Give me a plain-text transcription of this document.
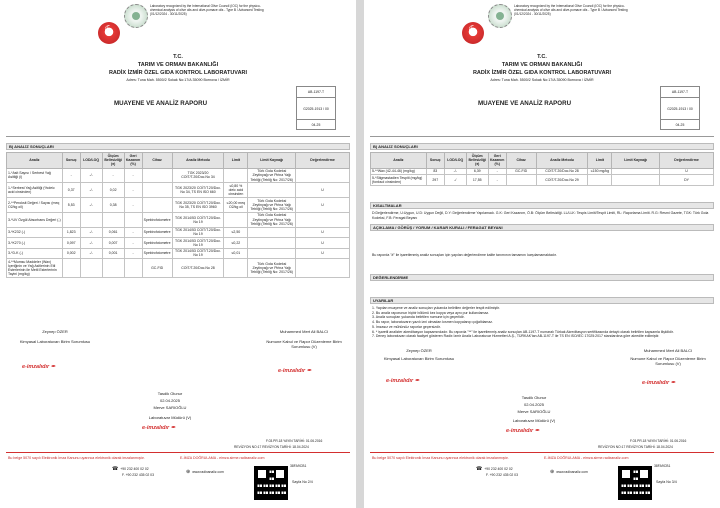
☾
Laboratory recognized by the International Olive Council (IOC) for the physico-chemical analysis of olive oils and olive-pomace oils - Type B / Advanced Testing (01/12/2024 - 30/11/2025)
T.C.
TARIM VE ORMAN BAKANLIĞI
RADİX İZMİR ÖZEL GIDA KONTROL LABORATUVARI
Adres: Tuna Mah. 5500/2 Sokak No:17/A 35090 Bornova / İZMİR
MUAYENE VE ANALİZ RAPORU
AB-1197-T
G2025-1913 / 00
04-25
B) ANALİZ SONUÇLARI
Analiz	Sonuç	LOD/LOQ	Ölçüm Belirsizliği (±)	Geri Kazanım (%)	Cihaz	Analiz Metodu	Limit	Limit Kaynağı	Değerlendirme
1-*Asit Sayısı / Serbest Yağ Asitliği (i)	-	-/-	-	-		TGK 2023/20 COİT/T.20/Doc.No 34		Türk Gıda Kodeksi Zeytinyağı ve Pirina Yağı Tebliği (Tebliğ No: 2017/26)	
1-*Serbest Yağ Asitliği (%oleic acid cinsinden)	0,37	-/-	0,02	-		TGK 2023/20 COİT/T.20/Doc. No 34, TS EN ISO 660	≤0,80 % oleic acid cinsinden		U
2-**Peroksit Değeri / Sayısı (meq O2/kg oil)	5,53	-/-	0,38	-		TGK 2023/20 COİT/T.20/Doc. No 35, TS EN ISO 3960	≤20,00 meq O2/kg oil	Türk Gıda Kodeksi Zeytinyağı ve Pirina Yağı Tebliği (Tebliğ No: 2017/26)	U
3-*UV Özgül Absorbans Değeri (-)					Spektrofotometre	TGK 2014/53 COİT/T.20/Doc. No 19		Türk Gıda Kodeksi Zeytinyağı ve Pirina Yağı Tebliği (Tebliğ No: 2017/26)	
3-*K232 (-)	1,823	-/-	0,061	-	Spektrofotometre	TGK 2014/53 COİT/T.20/Doc. No 19	≤2,50		U
3-*K270 (-)	0,097	-/-	0,007	-	Spektrofotometre	TGK 2014/53 COİT/T.20/Doc. No 19	≤0,22		U
3-*D-K (-)	0,002	-/-	0,001	-	Spektrofotometre	TGK 2014/53 COİT/T.20/Doc. No 19	≤0,01		U
4-**Mumsu Maddeler (Wax) Içeriğinin ve Yağ Asitlerinin Etil Esterlerinin ile Metil Esterlerinin Tayini (mg/kg)					GC-FID	COİT/T.20/Doc.No 28		Türk Gıda Kodeksi Zeytinyağı ve Pirina Yağı Tebliği (Tebliğ No: 2017/26)	
Zeynep ÖZER
Kimyasal Laboratuvarı Birim Sorumlusu
e-imzalıdır ✒
Muhammed Mert Ali BALCI
Numune Kabul ve Rapor Düzenleme Birim Sorumlusu (V)
e-imzalıdır ✒
Tasdik Olunur
02.04.2025
Merve SARIOĞLU
Laboratuvar Müdürü (V)
e-imzalıdır ✒
F.03.PR.18 YAYIN TARİHİ: 01.06.2016
REVİZYON NO:17 REVİZYON TARİHİ: 18.04.2024
Bu belge 5070 sayılı Elektronik İmza Kanunu uyarınca elektronik olarak imzalanmıştır.	E-İMZA DOĞRULAMA - eimza.sirme.radixanaliz.com
38FA9CB1
☎ +90 232 400 02 02
F. +90 232 435 02 03	⊕ www.radixanaliz.com
Sayfa No 2/4
☾
Laboratory recognized by the International Olive Council (IOC) for the physico-chemical analysis of olive oils and olive-pomace oils - Type B / Advanced Testing (01/12/2024 - 30/11/2025)
T.C.
TARIM VE ORMAN BAKANLIĞI
RADİX İZMİR ÖZEL GIDA KONTROL LABORATUVARI
Adres: Tuna Mah. 5500/2 Sokak No:17/A 35090 Bornova / İZMİR
MUAYENE VE ANALİZ RAPORU
AB-1197-T
G2025-1913 / 00
04-25
B) ANALİZ SONUÇLARI
Analiz	Sonuç	LOD/LOQ	Ölçüm Belirsizliği (±)	Geri Kazanım (%)	Cihaz	Analiz Metodu	Limit	Limit Kaynağı	Değerlendirme
5-**Wax (42-44-46) (mg/kg)	83	-/-	6,39	-	GC-FID	COİT/T.20/Doc.No 28	≤150 mg/kg		U
5-*Stigmastadien Tespiti (mg/kg) (fonksol cinsinden)	297	-/	17,55	-		COİT/T.20/Doc.No 29			DY
KISALTMALAR
D:Değerlendirme, U:Uygun, U.D: Uygun Değil, D.Y: Değerlendirme Yapılamadı. G.K: Geri Kazanım, Ö.B: Ölçüm Belirsizliği. LL/LLK: Tespis Limiti/Tespit Limiti, RL: Raporlama Limiti. R.G: Resmi Gazete, TGK: Türk Gıda Kodeksi, F.B: Feragat Beyanı
AÇIKLAMA / GÖRÜŞ / YORUM / KARAR KURALI / FERAGAT BEYANI
Bu raporda "#" ile işaretlenmiş analiz sonuçları için yapılan değerlendirme kalite tanımının tamamını karşılamamaktadır.
DEĞERLENDİRME
UYARILAR
1. Yapılan muayene ve analiz sonuçları yukarıda belirtilen değerler tespit edilmiştir.
2. Bu analiz raporunun hiçbir bölümü kez kopya veya aynı pur kullanılamaz.
3. Analiz sonuçları yukarıda belirtilen numune için geçerlidir.
4. Bu rapor, laboratuvarın yazılı izni olmadan kısmen kopyalanıp çoğaltılamaz.
5. İmzasız ve mühürsüz raporlar geçersizdir.
6. * işaretli analizler akreditasyon kapsamındadır. Bu raporda "**" ile işaretlenmiş analiz sonuçları AB-1197-T numaralı Türkak Akreditasyon sertifikasında detaylı olarak belirtilen kapsamla ilişkilidir.
7. Deney laboratuvarı olarak faaliyet gösteren Radix İzmir Analiz Laboratuvar Hizmetleri A.Ş., TÜRKAK'tan AB-1197-T ile TS EN ISO/IEC 17025:2017 standardına göre akredite edilmiştir.
Zeynep ÖZER
Kimyasal Laboratuvarı Birim Sorumlusu
e-imzalıdır ✒
Muhammed Mert Ali BALCI
Numune Kabul ve Rapor Düzenleme Birim Sorumlusu (V)
e-imzalıdır ✒
Tasdik Olunur
02.04.2025
Merve SARIOĞLU
Laboratuvar Müdürü (V)
e-imzalıdır ✒
F.03.PR.18 YAYIN TARİHİ: 01.06.2016
REVİZYON NO:17 REVİZYON TARİHİ: 18.04.2024
Bu belge 5070 sayılı Elektronik İmza Kanunu uyarınca elektronik olarak imzalanmıştır.	E-İMZA DOĞRULAMA - eimza.sirme.radixanaliz.com
38FA9CB1
☎ +90 232 400 02 02
F. +90 232 435 02 03	⊕ www.radixanaliz.com
Sayfa No 3/4
